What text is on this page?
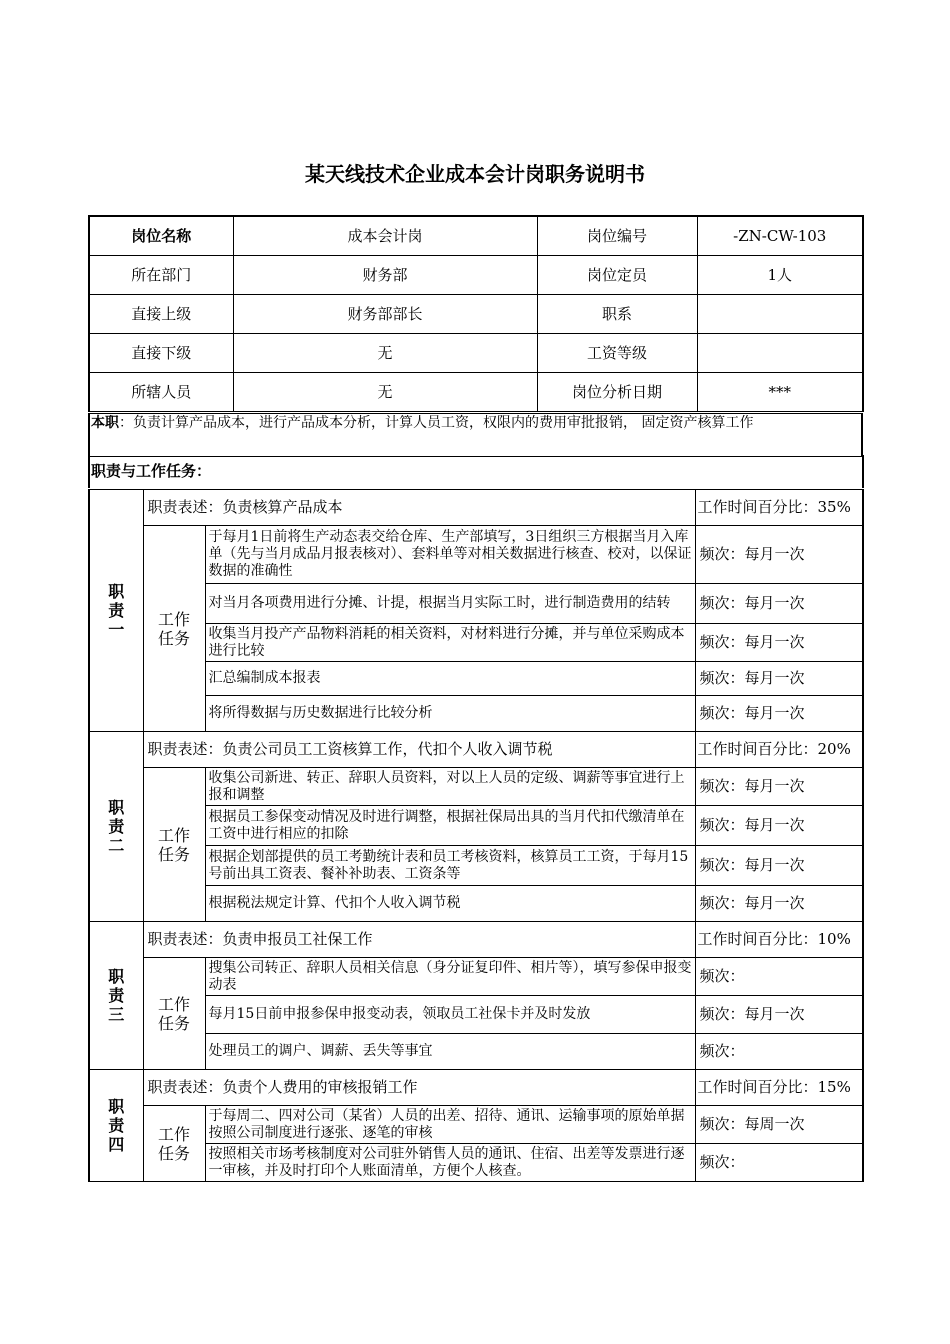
某天线技术企业成本会计岗职务说明书
岗位名称	成本会计岗	岗位编号	-ZN-CW-103
所在部门	财务部	岗位定员	1人
直接上级	财务部部长	职系	
直接下级	无	工资等级	
所辖人员	无	岗位分析日期	***
本职：负责计算产品成本，进行产品成本分析，计算人员工资，权限内的费用审批报销， 固定资产核算工作
职责与工作任务：
职
责
一	职责表述：负责核算产品成本		工作时间百分比：35%

	工作
任务	于每月1日前将生产动态表交给仓库、生产部填写，3日组织三方根据当月入库单（先与当月成品月报表核对）、套料单等对相关数据进行核查、校对，以保证数据的准确性	频次：每月一次
		对当月各项费用进行分摊、计提，根据当月实际工时，进行制造费用的结转	频次：每月一次
		收集当月投产产品物料消耗的相关资料，对材料进行分摊，并与单位采购成本进行比较	频次：每月一次
		汇总编制成本报表	频次：每月一次
		将所得数据与历史数据进行比较分析	频次：每月一次

职
责
二	职责表述：负责公司员工工资核算工作，代扣个人收入调节税		工作时间百分比：20%

	工作
任务	收集公司新进、转正、辞职人员资料，对以上人员的定级、调薪等事宜进行上报和调整	频次：每月一次
		根据员工参保变动情况及时进行调整，根据社保局出具的当月代扣代缴清单在工资中进行相应的扣除	频次：每月一次
		根据企划部提供的员工考勤统计表和员工考核资料，核算员工工资，于每月15号前出具工资表、餐补补助表、工资条等	频次：每月一次
		根据税法规定计算、代扣个人收入调节税	频次：每月一次

职
责
三	职责表述：负责申报员工社保工作		工作时间百分比：10%

	工作
任务	搜集公司转正、辞职人员相关信息（身分证复印件、相片等），填写参保申报变动表	频次：
		每月15日前申报参保申报变动表，领取员工社保卡并及时发放	频次：每月一次
		处理员工的调户、调薪、丢失等事宜	频次：

职
责
四	职责表述：负责个人费用的审核报销工作		工作时间百分比：15%

	工作
任务	于每周二、四对公司（某省）人员的出差、招待、通讯、运输事项的原始单据按照公司制度进行逐张、逐笔的审核	频次：每周一次
		按照相关市场考核制度对公司驻外销售人员的通讯、住宿、出差等发票进行逐一审核，并及时打印个人账面清单，方便个人核查。	频次：
